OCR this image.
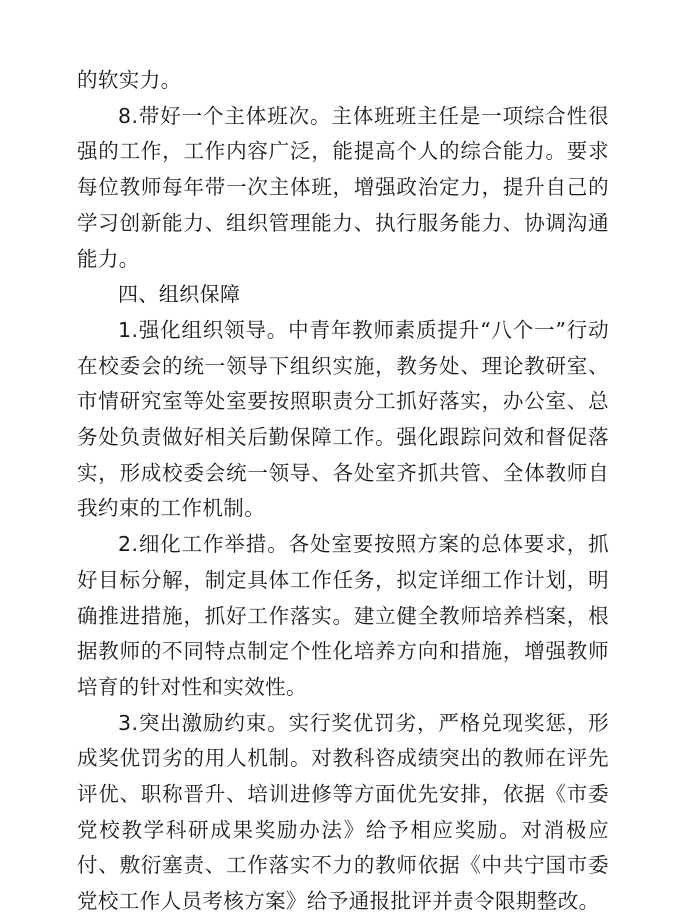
的软实力。

8.带好一个主体班次。主体班班主任是一项综合性很强的工作，工作内容广泛，能提高个人的综合能力。要求每位教师每年带一次主体班，增强政治定力，提升自己的学习创新能力、组织管理能力、执行服务能力、协调沟通能力。

四、组织保障

1.强化组织领导。中青年教师素质提升“八个一”行动在校委会的统一领导下组织实施，教务处、理论教研室、市情研究室等处室要按照职责分工抓好落实，办公室、总务处负责做好相关后勤保障工作。强化跟踪问效和督促落实，形成校委会统一领导、各处室齐抓共管、全体教师自我约束的工作机制。

2.细化工作举措。各处室要按照方案的总体要求，抓好目标分解，制定具体工作任务，拟定详细工作计划，明确推进措施，抓好工作落实。建立健全教师培养档案，根据教师的不同特点制定个性化培养方向和措施，增强教师培育的针对性和实效性。

3.突出激励约束。实行奖优罚劣，严格兑现奖惩，形成奖优罚劣的用人机制。对教科咨成绩突出的教师在评先评优、职称晋升、培训进修等方面优先安排，依据《市委党校教学科研成果奖励办法》给予相应奖励。对消极应付、敷衍塞责、工作落实不力的教师依据《中共宁国市委党校工作人员考核方案》给予通报批评并责令限期整改。
